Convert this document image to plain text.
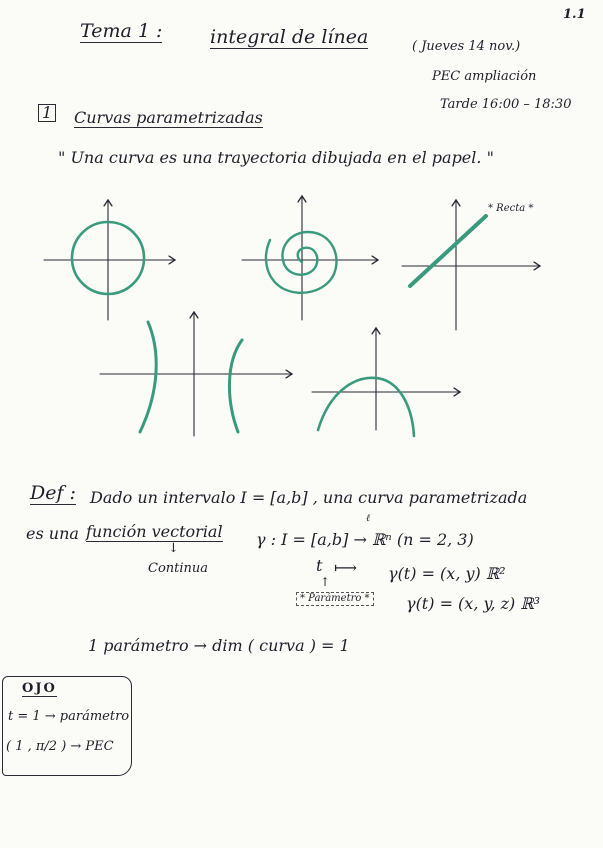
1.1
Tema 1 :	integral de línea	( Jueves 14 nov.)
PEC ampliación
Tarde 16:00 – 18:30
1 Curvas parametrizadas
" Una curva es una trayectoria dibujada en el papel. "
* Recta *
Def : Dado un intervalo I = [a,b] , una curva parametrizada
es una función vectorial γ : I = [a,b] → ℝⁿ (n = 2, 3)
ℓ
↓
Continua	t ⟼ γ(t) = (x, y) ℝ²
↑
* Parámetro * γ(t) = (x, y, z) ℝ³
1 parámetro → dim ( curva ) = 1
OJO
t = 1 → parámetro
( 1 , π/2 ) → PEC
